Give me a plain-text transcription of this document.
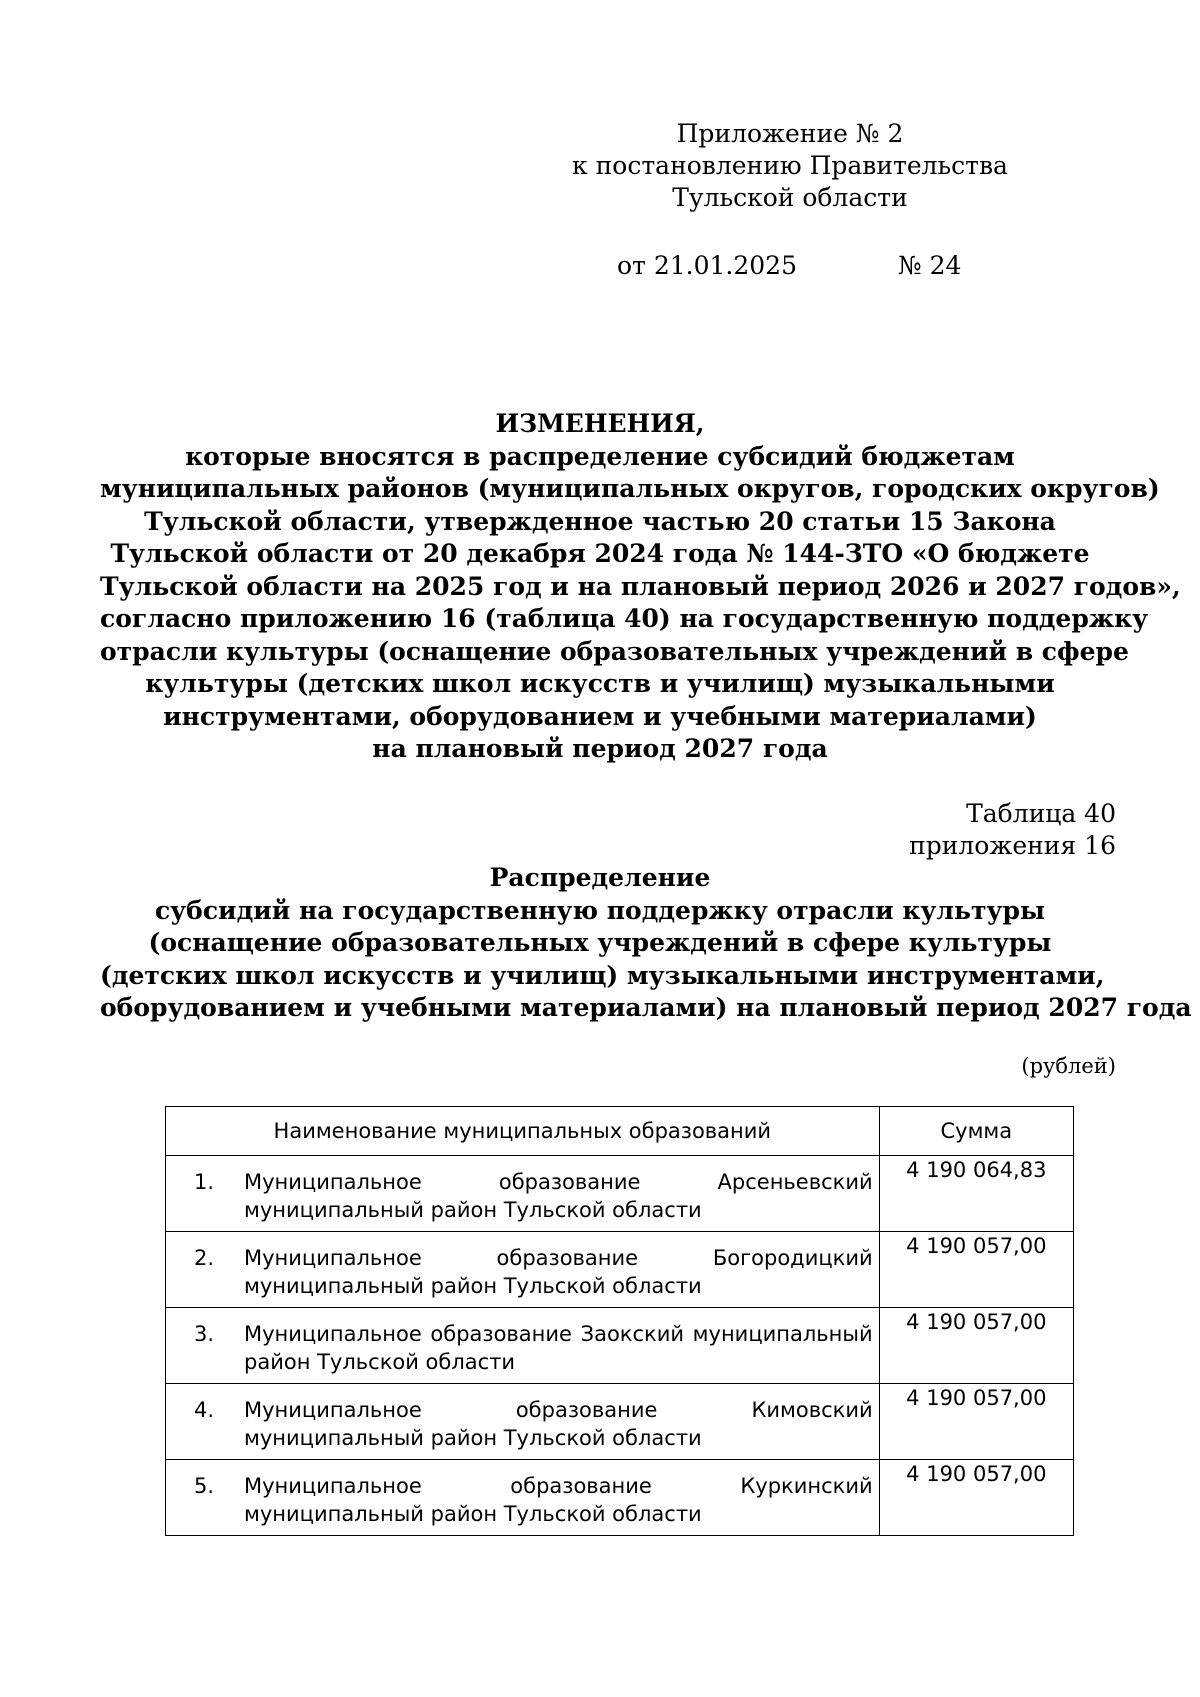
Приложение № 2
к постановлению Правительства
Тульской области
от 21.01.2025	№ 24
ИЗМЕНЕНИЯ,
которые вносятся в распределение субсидий бюджетам
муниципальных районов (муниципальных округов, городских округов)
Тульской области, утвержденное частью 20 статьи 15 Закона
Тульской области от 20 декабря 2024 года № 144-ЗТО «О бюджете
Тульской области на 2025 год и на плановый период 2026 и 2027 годов»,
согласно приложению 16 (таблица 40) на государственную поддержку
отрасли культуры (оснащение образовательных учреждений в сфере
культуры (детских школ искусств и училищ) музыкальными
инструментами, оборудованием и учебными материалами)
на плановый период 2027 года
Таблица 40
приложения 16
Распределение
субсидий на государственную поддержку отрасли культуры
(оснащение образовательных учреждений в сфере культуры
(детских школ искусств и училищ) музыкальными инструментами,
оборудованием и учебными материалами) на плановый период 2027 года
(рублей)
Наименование муниципальных образований	Сумма

1. Муниципальное образование Арсеньевский муниципальный район Тульской области	4 190 064,83

2. Муниципальное образование Богородицкий муниципальный район Тульской области	4 190 057,00

3. Муниципальное образование Заокский муниципальный район Тульской области	4 190 057,00

4. Муниципальное образование Кимовский муниципальный район Тульской области	4 190 057,00

5. Муниципальное образование Куркинский муниципальный район Тульской области	4 190 057,00
